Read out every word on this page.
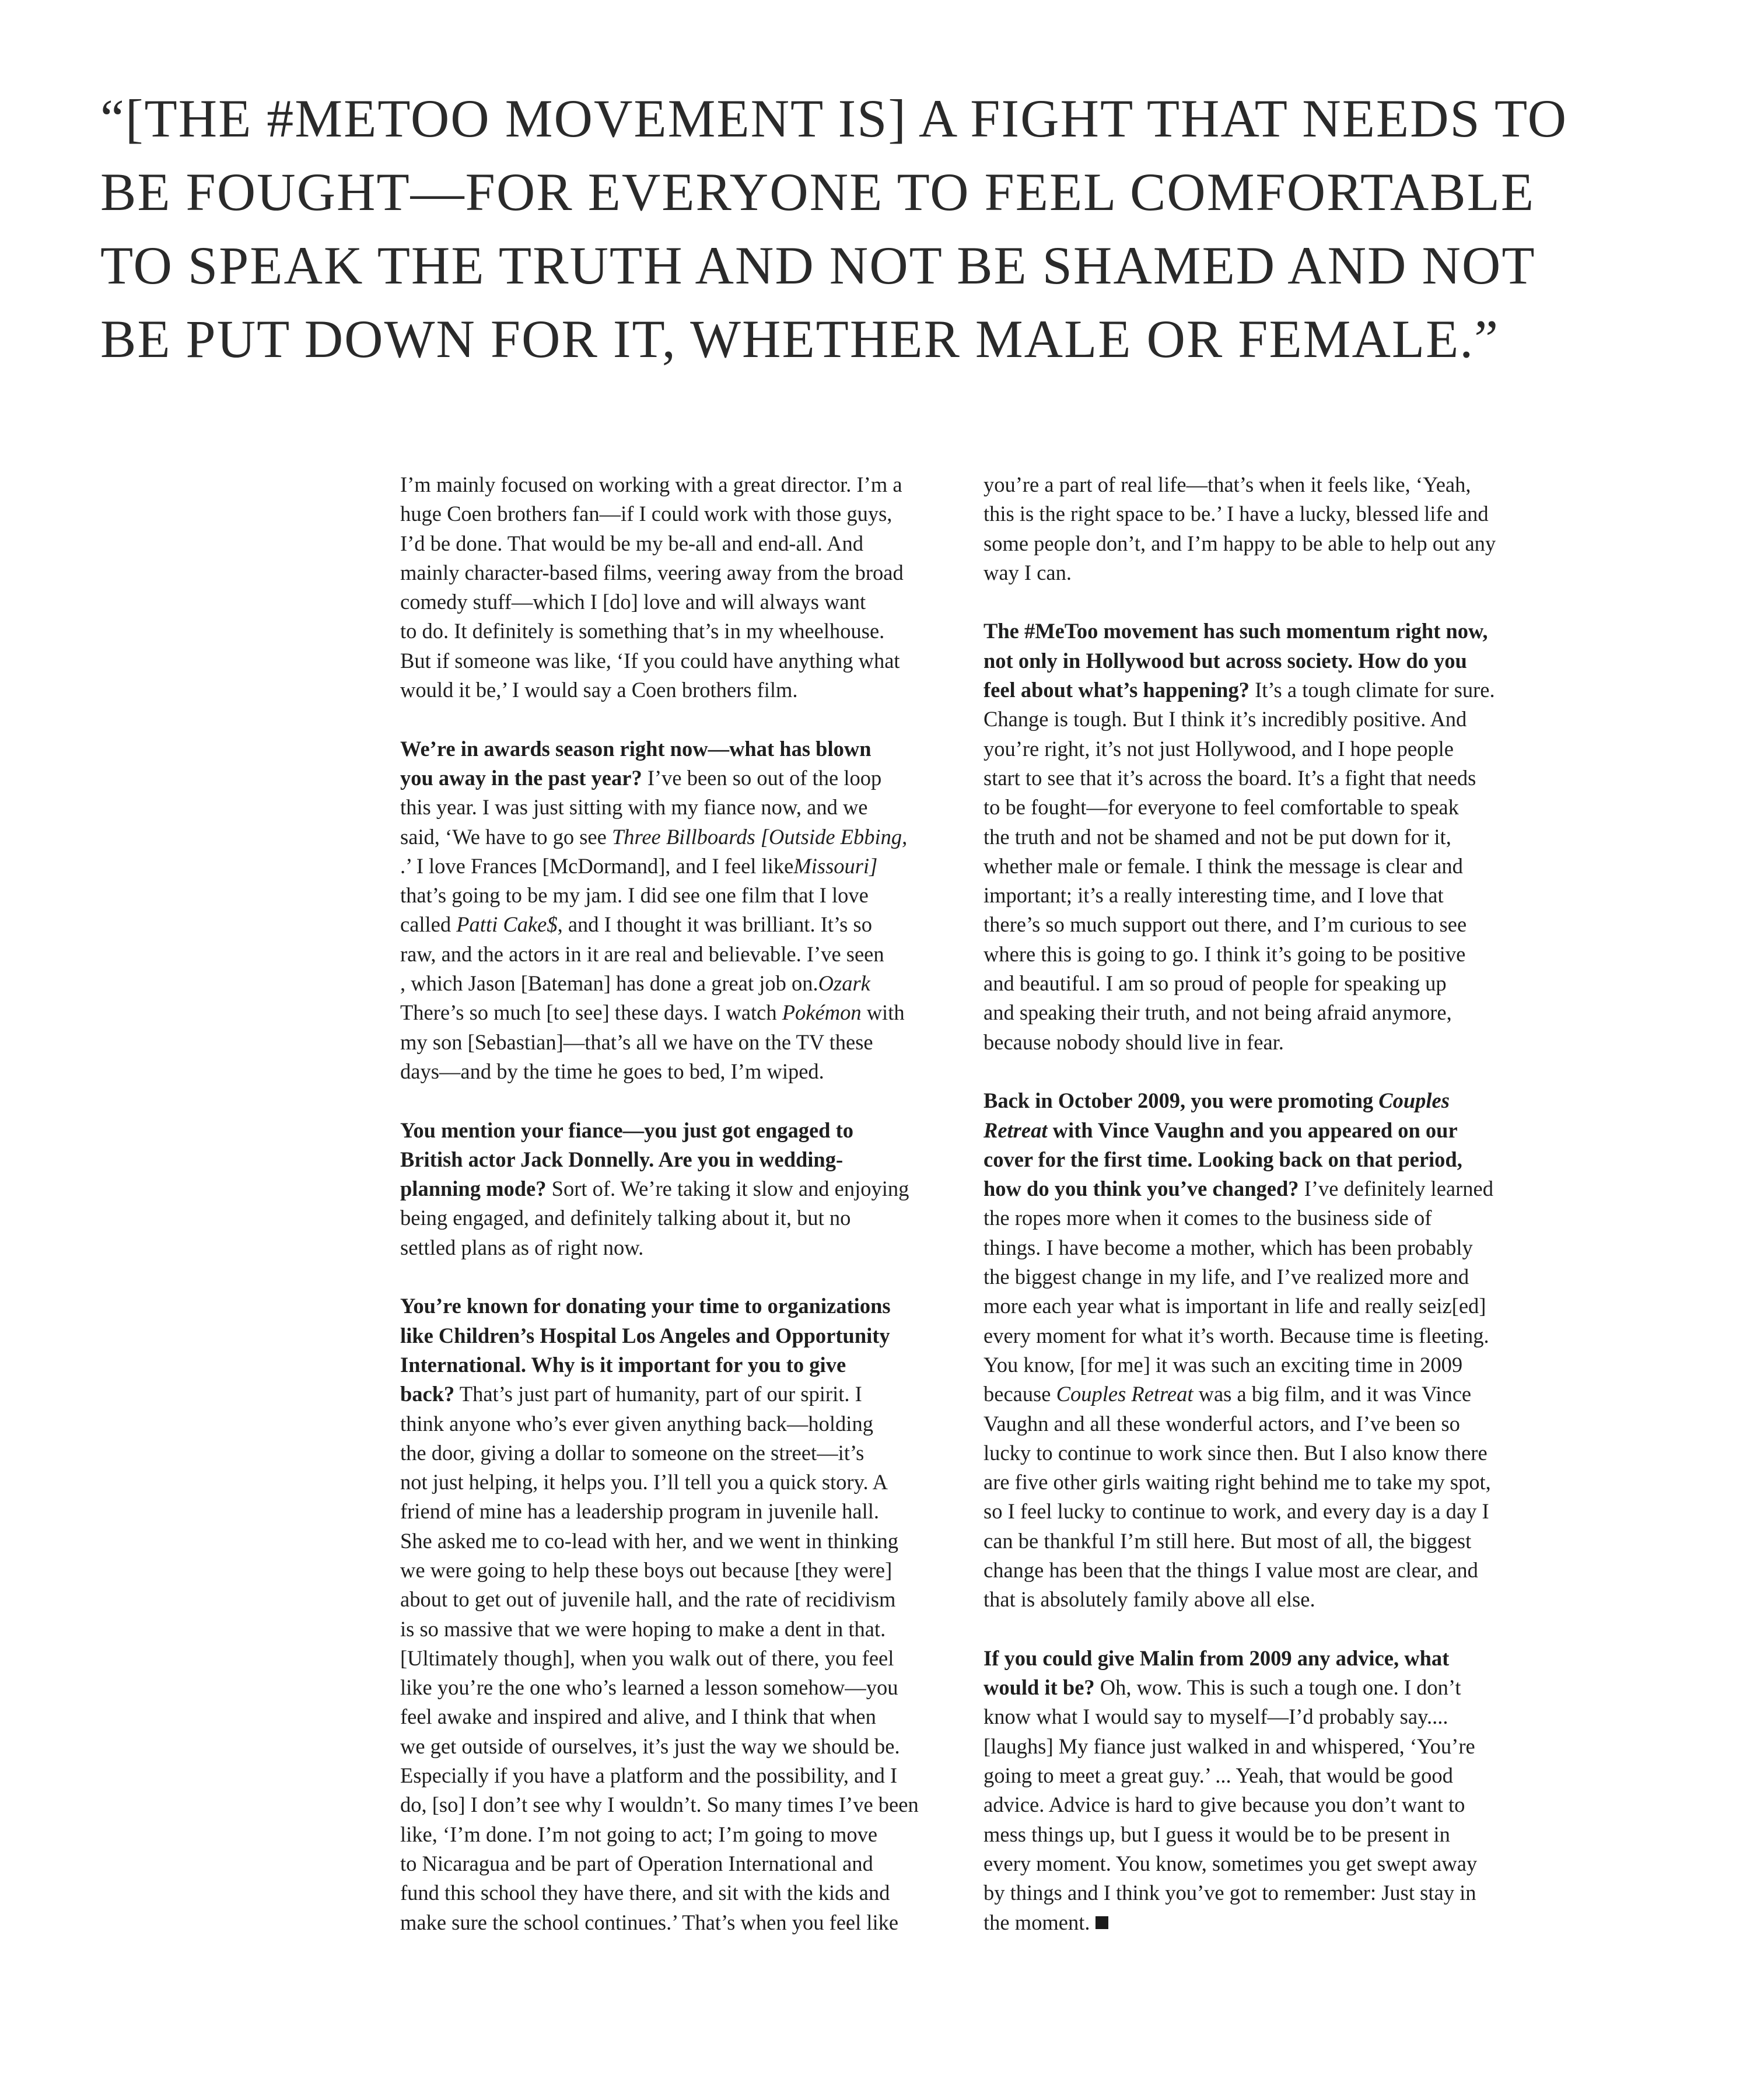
“[THE #METOO MOVEMENT IS] A FIGHT THAT NEEDS TO
BE FOUGHT—FOR EVERYONE TO FEEL COMFORTABLE
TO SPEAK THE TRUTH AND NOT BE SHAMED AND NOT
BE PUT DOWN FOR IT, WHETHER MALE OR FEMALE.”

I’m mainly focused on working with a great director. I’m a
huge Coen brothers fan—if I could work with those guys,
I’d be done. That would be my be-all and end-all. And
mainly character-based films, veering away from the broad
comedy stuff—which I [do] love and will always want
to do. It definitely is something that’s in my wheelhouse.
But if someone was like, ‘If you could have anything what
would it be,’ I would say a Coen brothers film.

We’re in awards season right now—what has blown
you away in the past year? I’ve been so out of the loop
this year. I was just sitting with my fiance now, and we
said, ‘We have to go see Three Billboards [Outside Ebbing,
.’ I love Frances [McDormand], and I feel likeMissouri]
that’s going to be my jam. I did see one film that I love
called Patti Cake$, and I thought it was brilliant. It’s so
raw, and the actors in it are real and believable. I’ve seen
, which Jason [Bateman] has done a great job on.Ozark
There’s so much [to see] these days. I watch Pokémon with
my son [Sebastian]—that’s all we have on the TV these
days—and by the time he goes to bed, I’m wiped.

You mention your fiance—you just got engaged to
British actor Jack Donnelly. Are you in wedding-
planning mode? Sort of. We’re taking it slow and enjoying
being engaged, and definitely talking about it, but no
settled plans as of right now.

You’re known for donating your time to organizations
like Children’s Hospital Los Angeles and Opportunity
International. Why is it important for you to give
back? That’s just part of humanity, part of our spirit. I
think anyone who’s ever given anything back—holding
the door, giving a dollar to someone on the street—it’s
not just helping, it helps you. I’ll tell you a quick story. A
friend of mine has a leadership program in juvenile hall.
She asked me to co-lead with her, and we went in thinking
we were going to help these boys out because [they were]
about to get out of juvenile hall, and the rate of recidivism
is so massive that we were hoping to make a dent in that.
[Ultimately though], when you walk out of there, you feel
like you’re the one who’s learned a lesson somehow—you
feel awake and inspired and alive, and I think that when
we get outside of ourselves, it’s just the way we should be.
Especially if you have a platform and the possibility, and I
do, [so] I don’t see why I wouldn’t. So many times I’ve been
like, ‘I’m done. I’m not going to act; I’m going to move
to Nicaragua and be part of Operation International and
fund this school they have there, and sit with the kids and
make sure the school continues.’ That’s when you feel like

you’re a part of real life—that’s when it feels like, ‘Yeah,
this is the right space to be.’ I have a lucky, blessed life and
some people don’t, and I’m happy to be able to help out any
way I can.

The #MeToo movement has such momentum right now,
not only in Hollywood but across society. How do you
feel about what’s happening? It’s a tough climate for sure.
Change is tough. But I think it’s incredibly positive. And
you’re right, it’s not just Hollywood, and I hope people
start to see that it’s across the board. It’s a fight that needs
to be fought—for everyone to feel comfortable to speak
the truth and not be shamed and not be put down for it,
whether male or female. I think the message is clear and
important; it’s a really interesting time, and I love that
there’s so much support out there, and I’m curious to see
where this is going to go. I think it’s going to be positive
and beautiful. I am so proud of people for speaking up
and speaking their truth, and not being afraid anymore,
because nobody should live in fear.

Back in October 2009, you were promoting Couples
Retreat with Vince Vaughn and you appeared on our
cover for the first time. Looking back on that period,
how do you think you’ve changed? I’ve definitely learned
the ropes more when it comes to the business side of
things. I have become a mother, which has been probably
the biggest change in my life, and I’ve realized more and
more each year what is important in life and really seiz[ed]
every moment for what it’s worth. Because time is fleeting.
You know, [for me] it was such an exciting time in 2009
because Couples Retreat was a big film, and it was Vince
Vaughn and all these wonderful actors, and I’ve been so
lucky to continue to work since then. But I also know there
are five other girls waiting right behind me to take my spot,
so I feel lucky to continue to work, and every day is a day I
can be thankful I’m still here. But most of all, the biggest
change has been that the things I value most are clear, and
that is absolutely family above all else.

If you could give Malin from 2009 any advice, what
would it be? Oh, wow. This is such a tough one. I don’t
know what I would say to myself—I’d probably say....
[laughs] My fiance just walked in and whispered, ‘You’re
going to meet a great guy.’ ... Yeah, that would be good
advice. Advice is hard to give because you don’t want to
mess things up, but I guess it would be to be present in
every moment. You know, sometimes you get swept away
by things and I think you’ve got to remember: Just stay in
the moment.
